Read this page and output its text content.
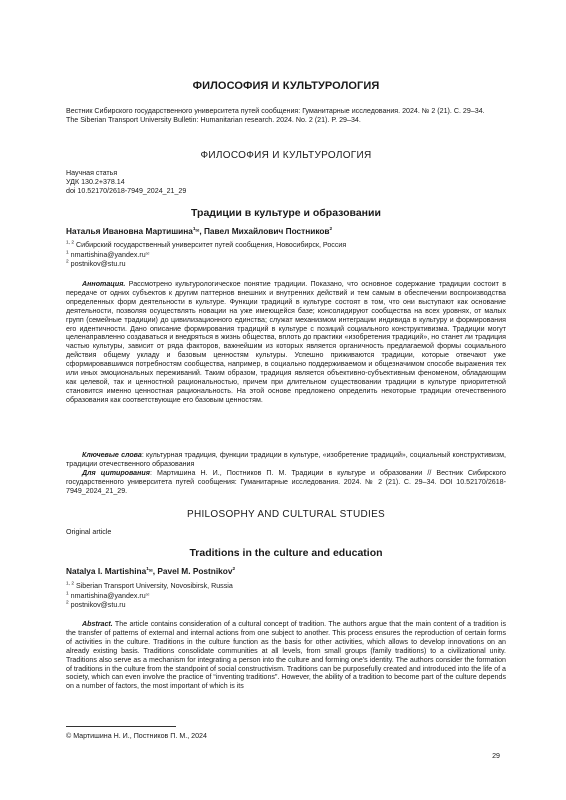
ФИЛОСОФИЯ И КУЛЬТУРОЛОГИЯ
Вестник Сибирского государственного университета путей сообщения: Гуманитарные исследования. 2024. № 2 (21). С. 29–34.
The Siberian Transport University Bulletin: Humanitarian research. 2024. No. 2 (21). P. 29–34.
ФИЛОСОФИЯ И КУЛЬТУРОЛОГИЯ
Научная статья
УДК 130.2+378.14
doi 10.52170/2618-7949_2024_21_29
Традиции в культуре и образовании
Наталья Ивановна Мартишина$^{1✉}$, Павел Михайлович Постников$^2$
$^{1, 2}$ Сибирский государственный университет путей сообщения, Новосибирск, Россия
$^1$ nmartishina@yandex.ru✉
$^2$ postnikov@stu.ru
Аннотация. Рассмотрено культурологическое понятие традиции. Показано, что основное содержание традиции состоит в передаче от одних субъектов к другим паттернов внешних и внутренних действий и тем самым в обеспечении воспроизводства определенных форм деятельности в культуре. Функции традиций в культуре состоят в том, что они выступают как основание деятельности, позволяя осуществлять новации на уже имеющейся базе; консолидируют сообщества на всех уровнях, от малых групп (семейные традиции) до цивилизационного единства; служат механизмом интеграции индивида в культуру и формирования его идентичности. Дано описание формирования традиций в культуре с позиций социального конструктивизма. Традиции могут целенаправленно создаваться и внедряться в жизнь общества, вплоть до практики «изобретения традиций», но станет ли традиция частью культуры, зависит от ряда факторов, важнейшим из которых является органичность предлагаемой формы социального действия общему укладу и базовым ценностям культуры. Успешно приживаются традиции, которые отвечают уже сформировавшимся потребностям сообщества, например, в социально поддерживаемом и общезначимом способе выражения тех или иных эмоциональных переживаний. Таким образом, традиция является объективно-субъективным феноменом, обладающим как целевой, так и ценностной рациональностью, причем при длительном существовании традиции в культуре приоритетной становится именно ценностная рациональность. На этой основе предложено определить некоторые традиции отечественного образования как соответствующие его базовым ценностям.
Ключевые слова: культурная традиция, функции традиции в культуре, «изобретение традиций», социальный конструктивизм, традиции отечественного образования
Для цитирования: Мартишина Н. И., Постников П. М. Традиции в культуре и образовании // Вестник Сибирского государственного университета путей сообщения: Гуманитарные исследования. 2024. № 2 (21). С. 29–34. DOI 10.52170/2618-7949_2024_21_29.
PHILOSOPHY AND CULTURAL STUDIES
Original article
Traditions in the culture and education
Natalya I. Martishina$^{1✉}$, Pavel M. Postnikov$^2$
$^{1, 2}$ Siberian Transport University, Novosibirsk, Russia
$^1$ nmartishina@yandex.ru✉
$^2$ postnikov@stu.ru
Abstract. The article contains consideration of a cultural concept of tradition. The authors argue that the main content of a tradition is the transfer of patterns of external and internal actions from one subject to another. This process ensures the reproduction of certain forms of activities in the culture. Traditions in the culture function as the basis for other activities, which allows to develop innovations on an already existing basis. Traditions consolidate communities at all levels, from small groups (family traditions) to a civilizational unity. Traditions also serve as a mechanism for integrating a person into the culture and forming one's identity. The authors consider the formation of traditions in the culture from the standpoint of social constructivism. Traditions can be purposefully created and introduced into the life of a society, which can even involve the practice of “inventing traditions”. However, the ability of a tradition to become part of the culture depends on a number of factors, the most important of which is its
© Мартишина Н. И., Постников П. М., 2024
29
